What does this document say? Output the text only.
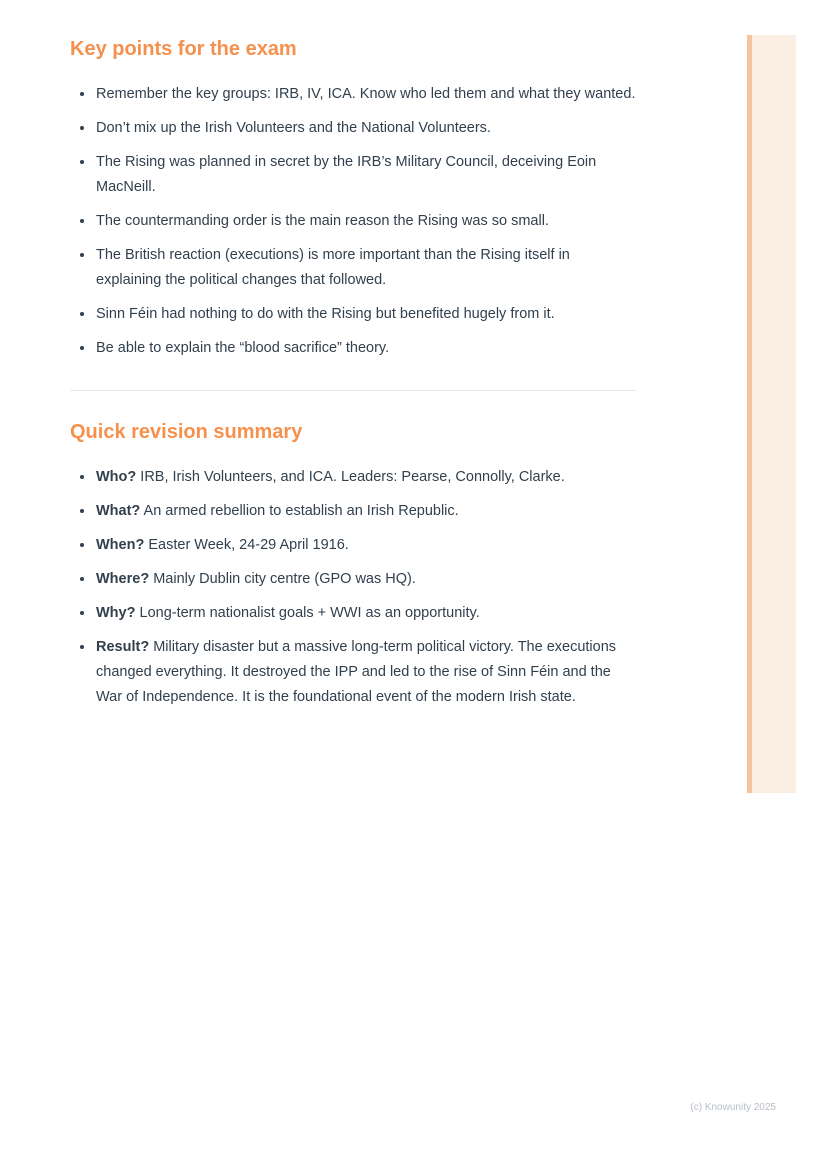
Key points for the exam
Remember the key groups: IRB, IV, ICA. Know who led them and what they wanted.
Don’t mix up the Irish Volunteers and the National Volunteers.
The Rising was planned in secret by the IRB’s Military Council, deceiving Eoin MacNeill.
The countermanding order is the main reason the Rising was so small.
The British reaction (executions) is more important than the Rising itself in explaining the political changes that followed.
Sinn Féin had nothing to do with the Rising but benefited hugely from it.
Be able to explain the “blood sacrifice” theory.
Quick revision summary
Who? IRB, Irish Volunteers, and ICA. Leaders: Pearse, Connolly, Clarke.
What? An armed rebellion to establish an Irish Republic.
When? Easter Week, 24-29 April 1916.
Where? Mainly Dublin city centre (GPO was HQ).
Why? Long-term nationalist goals + WWI as an opportunity.
Result? Military disaster but a massive long-term political victory. The executions changed everything. It destroyed the IPP and led to the rise of Sinn Féin and the War of Independence. It is the foundational event of the modern Irish state.
(c) Knowunity 2025
